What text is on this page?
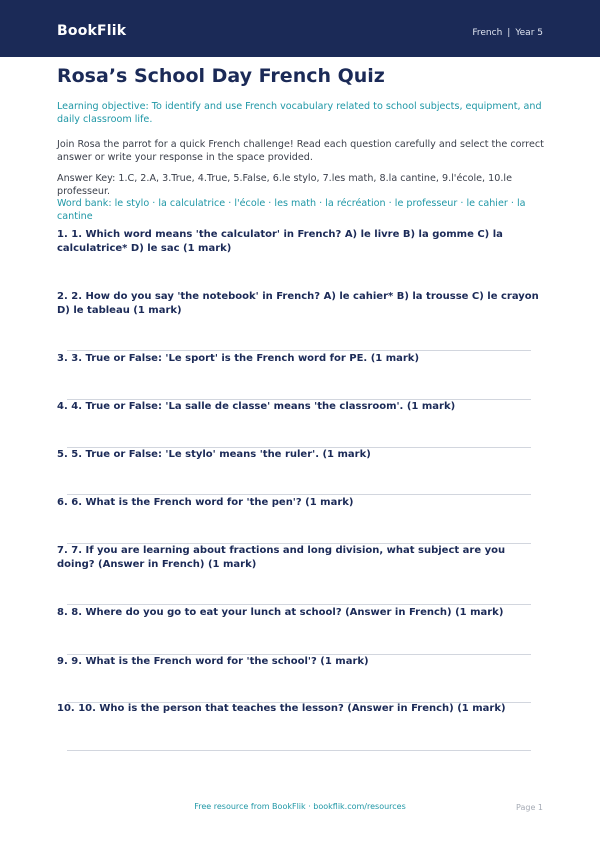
BookFlik	French | Year 5
Rosa’s School Day French Quiz
Learning objective: To identify and use French vocabulary related to school subjects, equipment, and daily classroom life.
Join Rosa the parrot for a quick French challenge! Read each question carefully and select the correct answer or write your response in the space provided.
Answer Key: 1.C, 2.A, 3.True, 4.True, 5.False, 6.le stylo, 7.les math, 8.la cantine, 9.l'école, 10.le professeur.
Word bank: le stylo · la calculatrice · l'école · les math · la récréation · le professeur · le cahier · la cantine
1. 1. Which word means 'the calculator' in French? A) le livre B) la gomme C) la calculatrice* D) le sac (1 mark)
2. 2. How do you say 'the notebook' in French? A) le cahier* B) la trousse C) le crayon D) le tableau (1 mark)
3. 3. True or False: 'Le sport' is the French word for PE. (1 mark)
4. 4. True or False: 'La salle de classe' means 'the classroom'. (1 mark)
5. 5. True or False: 'Le stylo' means 'the ruler'. (1 mark)
6. 6. What is the French word for 'the pen'? (1 mark)
7. 7. If you are learning about fractions and long division, what subject are you doing? (Answer in French) (1 mark)
8. 8. Where do you go to eat your lunch at school? (Answer in French) (1 mark)
9. 9. What is the French word for 'the school'? (1 mark)
10. 10. Who is the person that teaches the lesson? (Answer in French) (1 mark)
Free resource from BookFlik · bookflik.com/resources	Page 1
